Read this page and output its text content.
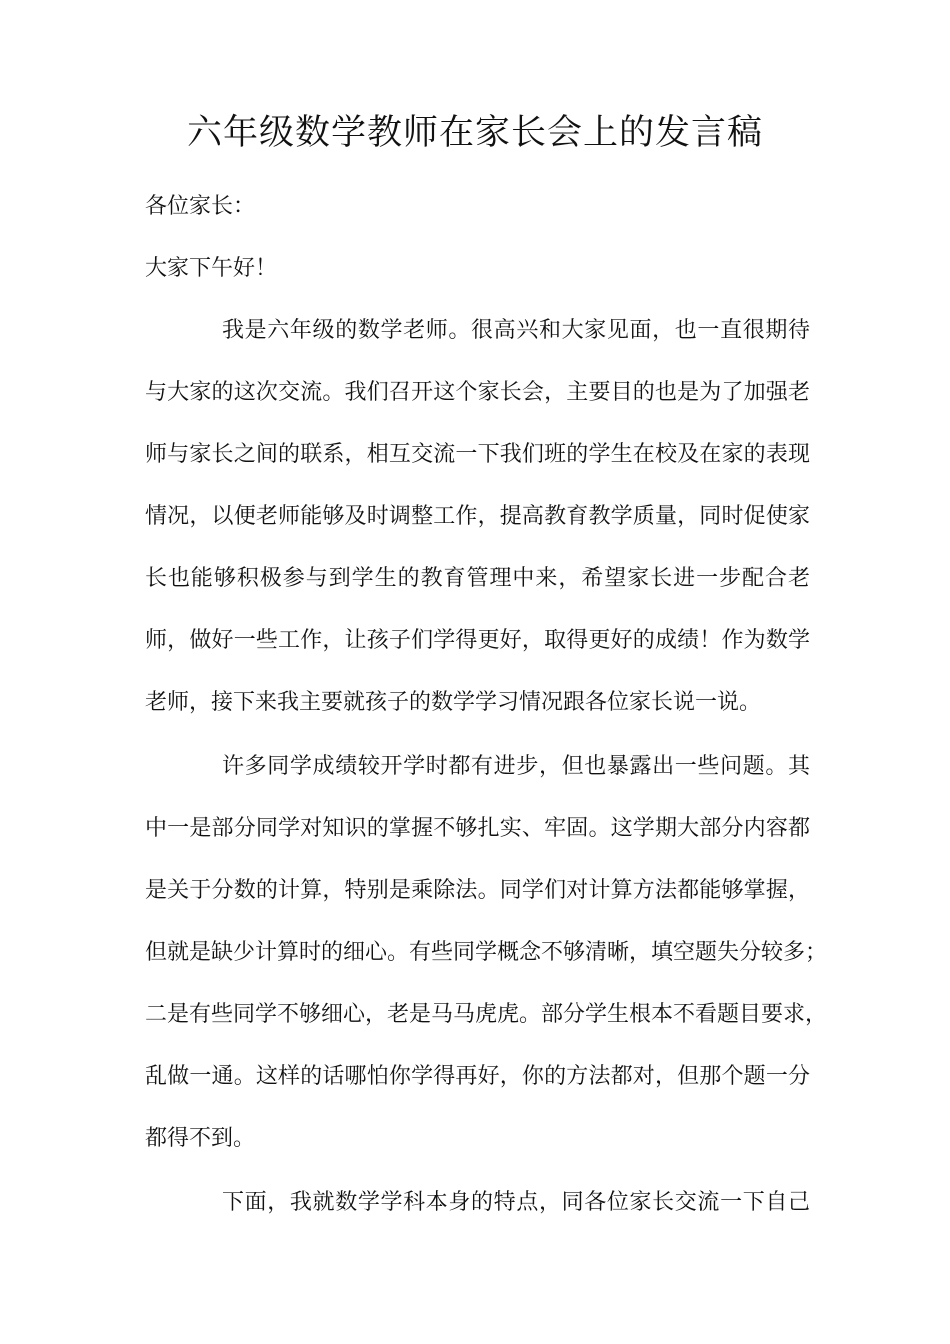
六年级数学教师在家长会上的发言稿

各位家长：

大家下午好！

我是六年级的数学老师。很高兴和大家见面，也一直很期待

与大家的这次交流。我们召开这个家长会，主要目的也是为了加强老

师与家长之间的联系，相互交流一下我们班的学生在校及在家的表现

情况，以便老师能够及时调整工作，提高教育教学质量，同时促使家

长也能够积极参与到学生的教育管理中来，希望家长进一步配合老

师，做好一些工作，让孩子们学得更好，取得更好的成绩！作为数学

老师，接下来我主要就孩子的数学学习情况跟各位家长说一说。

许多同学成绩较开学时都有进步，但也暴露出一些问题。其

中一是部分同学对知识的掌握不够扎实、牢固。这学期大部分内容都

是关于分数的计算，特别是乘除法。同学们对计算方法都能够掌握，

但就是缺少计算时的细心。有些同学概念不够清晰，填空题失分较多；

二是有些同学不够细心，老是马马虎虎。部分学生根本不看题目要求，

乱做一通。这样的话哪怕你学得再好，你的方法都对，但那个题一分

都得不到。

下面，我就数学学科本身的特点，同各位家长交流一下自己
